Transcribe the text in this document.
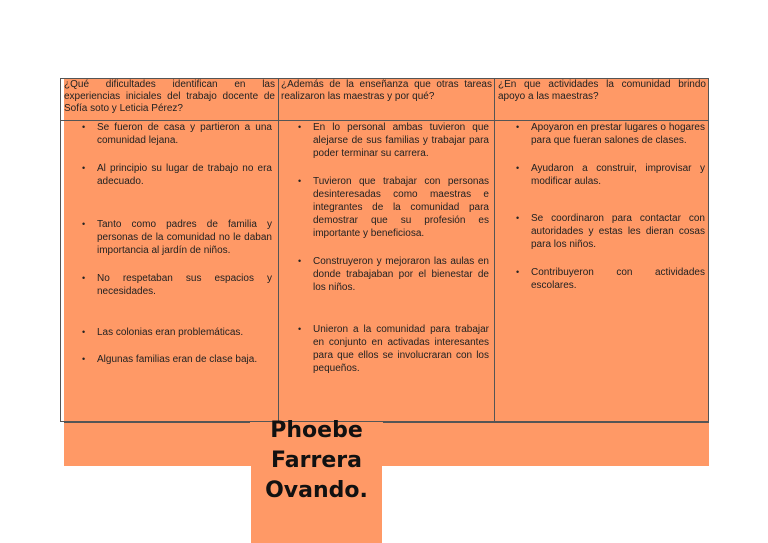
¿Qué dificultades identifican en las experiencias iniciales del trabajo docente de Sofía soto y Leticia Pérez?
¿Además de la enseñanza que otras tareas realizaron las maestras y por qué?
¿En que actividades la comunidad brindo apoyo a las maestras?
• Se fueron de casa y partieron a una comunidad lejana.
• Al principio su lugar de trabajo no era adecuado.
• Tanto como padres de familia y personas de la comunidad no le daban importancia al jardín de niños.
• No respetaban sus espacios y necesidades.
• Las colonias eran problemáticas.
• Algunas familias eran de clase baja.
• En lo personal ambas tuvieron que alejarse de sus familias y trabajar para poder terminar su carrera.
• Tuvieron que trabajar con personas desinteresadas como maestras e integrantes de la comunidad para demostrar que su profesión es importante y beneficiosa.
• Construyeron y mejoraron las aulas en donde trabajaban por el bienestar de los niños.
• Unieron a la comunidad para trabajar en conjunto en activadas interesantes para que ellos se involucraran con los pequeños.
• Apoyaron en prestar lugares o hogares para que fueran salones de clases.
• Ayudaron a construir, improvisar y modificar aulas.
• Se coordinaron para contactar con autoridades y estas les dieran cosas para los niños.
• Contribuyeron con actividades escolares.
Phoebe
Farrera
Ovando.
